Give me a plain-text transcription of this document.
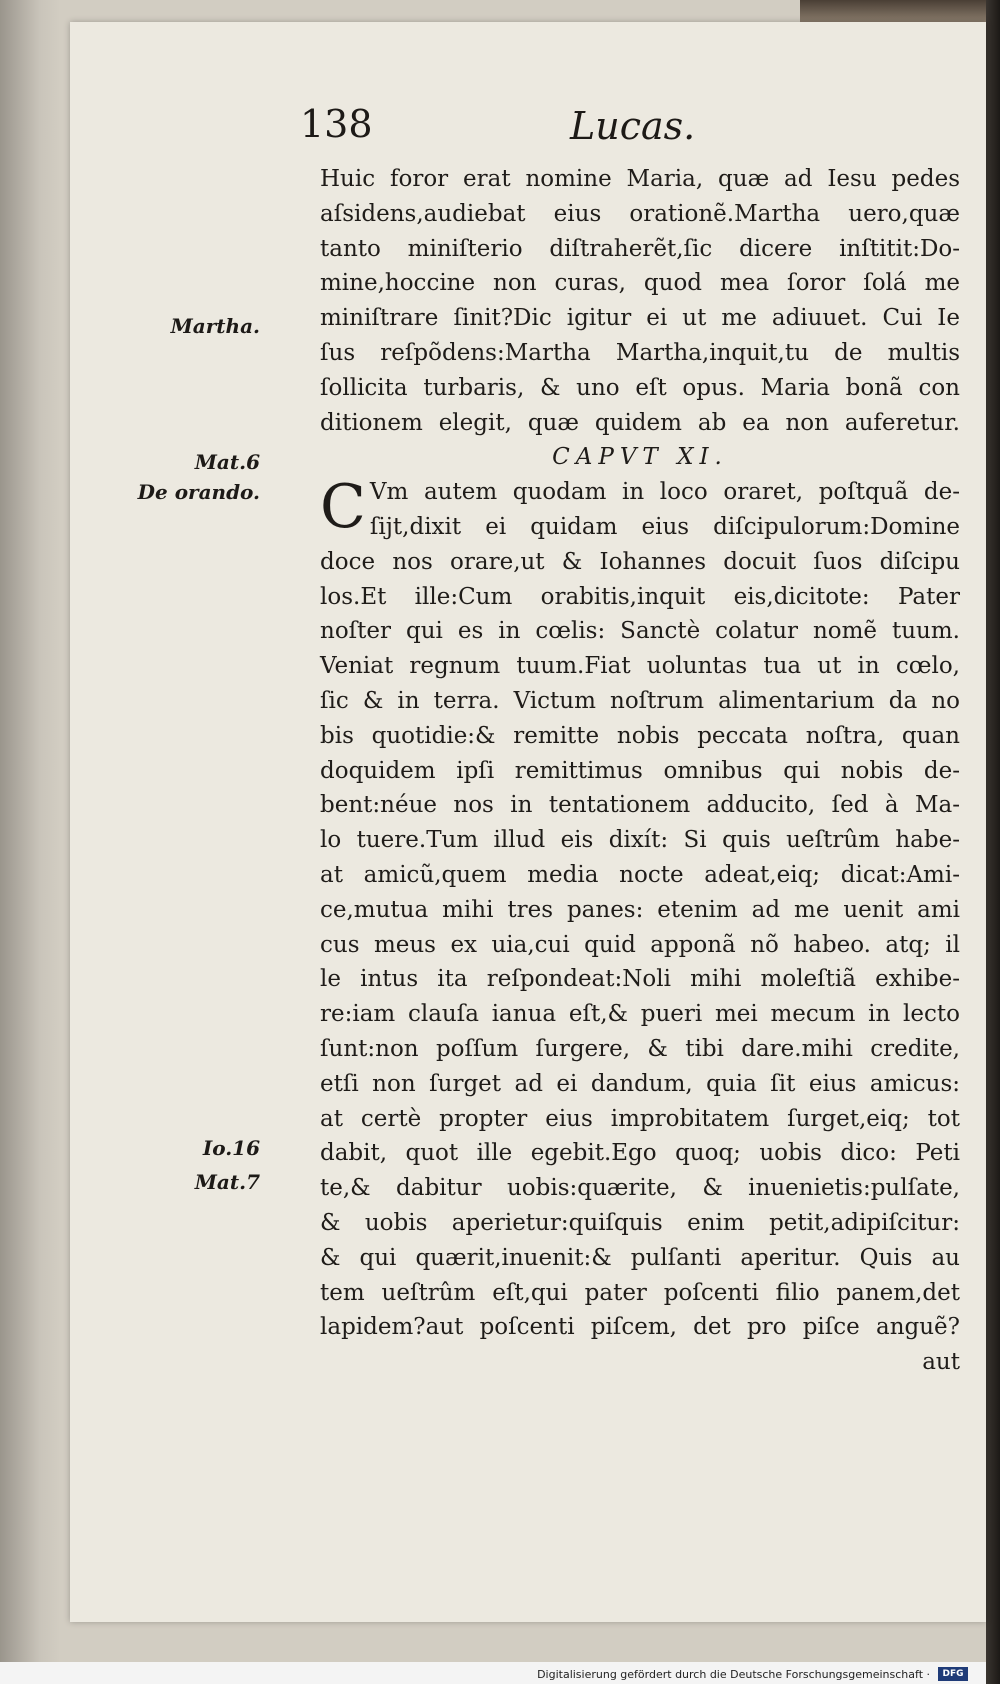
138	Lucas.
Martha.
Mat.6
De orando.
Io.16
Mat.7
Huic foror erat nomine Maria, quæ ad Iesu pedes
aſsidens,audiebat eius orationẽ.Martha uero,quæ
tanto miniſterio diſtraherẽt,ſic dicere inſtitit:Do-
mine,hoccine non curas, quod mea ſoror ſolá me
miniſtrare ſinit?Dic igitur ei ut me adiuuet. Cui Ie
ſus reſpõdens:Martha Martha,inquit,tu de multis
ſollicita turbaris, & uno eſt opus. Maria bonã con
ditionem elegit, quæ quidem ab ea non auferetur.
CAPVT XI.
C Vm autem quodam in loco oraret, poſtquã de-
ſijt,dixit ei quidam eius diſcipulorum:Domine
doce nos orare,ut & Iohannes docuit ſuos diſcipu
los.Et ille:Cum orabitis,inquit eis,dicitote: Pater
noſter qui es in cœlis: Sanctè colatur nomẽ tuum.
Veniat regnum tuum.Fiat uoluntas tua ut in cœlo,
ſic & in terra. Victum noſtrum alimentarium da no
bis quotidie:& remitte nobis peccata noſtra, quan
doquidem ipſi remittimus omnibus qui nobis de-
bent:néue nos in tentationem adducito, ſed à Ma-
lo tuere.Tum illud eis dixít: Si quis ueſtrûm habe-
at amicũ,quem media nocte adeat,eiq; dicat:Ami-
ce,mutua mihi tres panes: etenim ad me uenit ami
cus meus ex uia,cui quid apponã nõ habeo. atq; il
le intus ita reſpondeat:Noli mihi moleſtiã exhibe-
re:iam clauſa ianua eſt,& pueri mei mecum in lecto
ſunt:non poſſum ſurgere, & tibi dare.mihi credite,
etſi non ſurget ad ei dandum, quia ſit eius amicus:
at certè propter eius improbitatem ſurget,eiq; tot
dabit, quot ille egebit.Ego quoq; uobis dico: Peti
te,& dabitur uobis:quærite, & inuenietis:pulſate,
& uobis aperietur:quiſquis enim petit,adipiſcitur:
& qui quærit,inuenit:& pulſanti aperitur. Quis au
tem ueſtrûm eſt,qui pater poſcenti filio panem,det
lapidem?aut poſcenti piſcem, det pro piſce anguẽ?
aut
Digitalisierung gefördert durch die Deutsche Forschungsgemeinschaft ·	DFG
